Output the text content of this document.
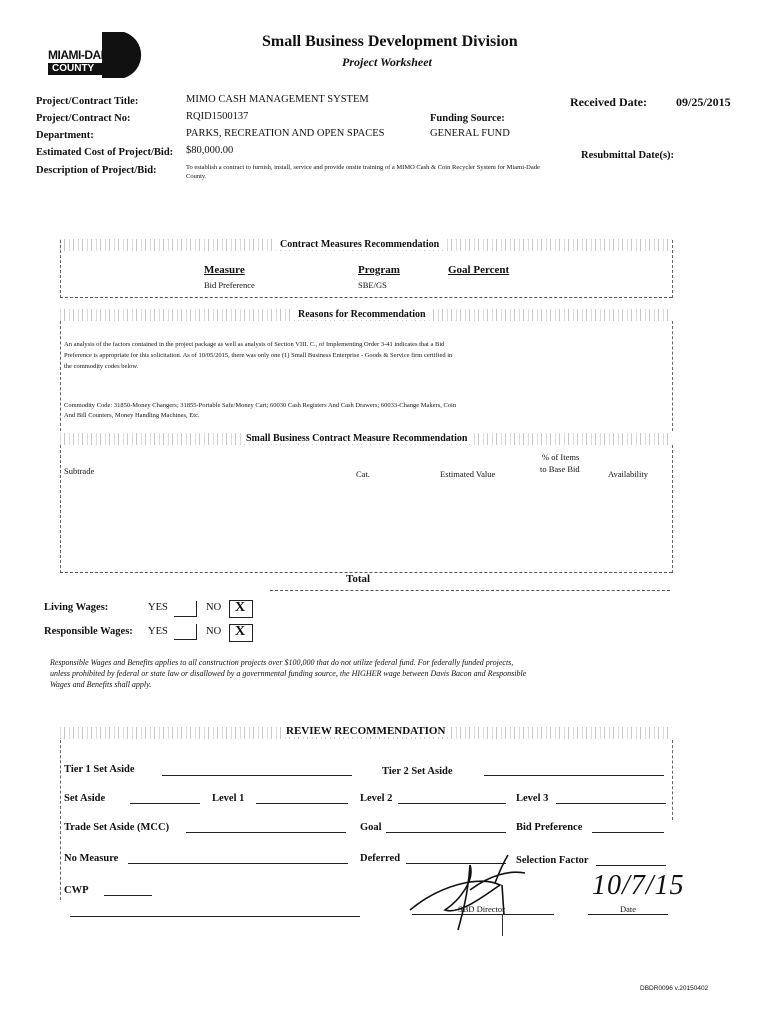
MIAMI-DADE
COUNTY
Small Business Development Division
Project Worksheet
Project/Contract Title:	MIMO CASH MANAGEMENT SYSTEM
Project/Contract No:	RQID1500137
Department:	PARKS, RECREATION AND OPEN SPACES
Estimated Cost of Project/Bid: $80,000.00
Description of Project/Bid:	To establish a contract to furnish, install, service and provide onsite training of a MIMO Cash & Coin Recycler System for Miami-Dade
County.
Funding Source:
GENERAL FUND
Received Date: 09/25/2015
Resubmittal Date(s):
Contract Measures Recommendation
Measure	Program	Goal Percent
Bid Preference	SBE/GS
Reasons for Recommendation
An analysis of the factors contained in the project package as well as analysis of Section VIII. C., of Implementing Order 3-41 indicates that a Bid
Preference is appropriate for this solicitation. As of 10/05/2015, there was only one (1) Small Business Enterprise - Goods & Service firm certified in
the commodity codes below.
Commodity Code: 31850-Money Changers; 31855-Portable Safe/Money Cart; 60030 Cash Registers And Cash Drawers; 60033-Change Makers, Coin
And Bill Counters, Money Handling Machines, Etc.
Small Business Contract Measure Recommendation
Subtrade	Cat.	Estimated Value
% of Items
to Base Bid	Availability
Total
Living Wages:	YES	NO X
Responsible Wages: YES	NO X
Responsible Wages and Benefits applies to all construction projects over $100,000 that do not utilize federal fund. For federally funded projects,
unless prohibited by federal or state law or disallowed by a governmental funding source, the HIGHER wage between Davis Bacon and Responsible
Wages and Benefits shall apply.
REVIEW RECOMMENDATION
Tier 1 Set Aside	Tier 2 Set Aside
Set Aside	Level 1	Level 2	Level 3
Trade Set Aside (MCC)	Goal	Bid Preference
No Measure	Deferred	Selection Factor
CWP
SBD Director
10/7/15
Date
DBDR0096 v.20150402
